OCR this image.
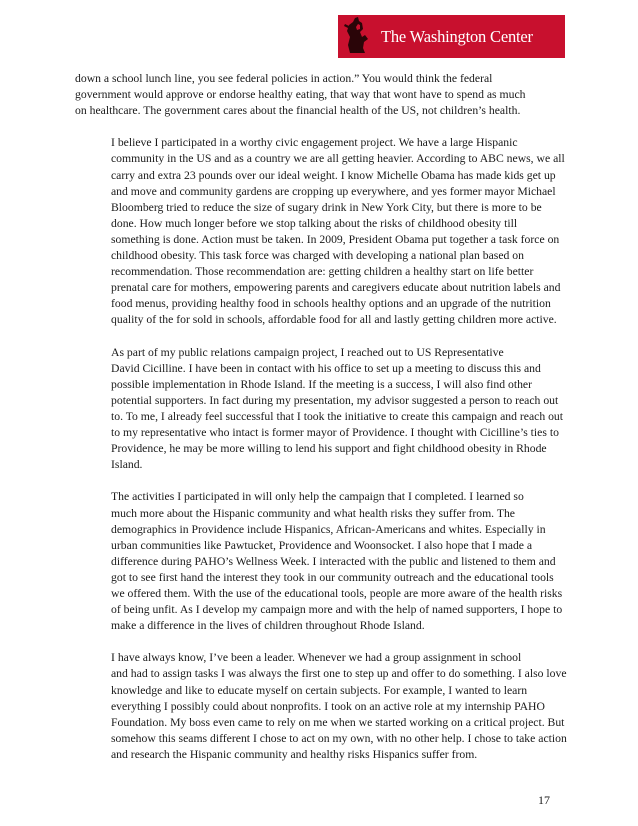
The Washington Center

down a school lunch line, you see federal policies in action.” You would think the federal
government would approve or endorse healthy eating, that way that wont have to spend as much
on healthcare. The government cares about the financial health of the US, not children’s health.

I believe I participated in a worthy civic engagement project. We have a large Hispanic
community in the US and as a country we are all getting heavier. According to ABC news, we all
carry and extra 23 pounds over our ideal weight. I know Michelle Obama has made kids get up
and move and community gardens are cropping up everywhere, and yes former mayor Michael
Bloomberg tried to reduce the size of sugary drink in New York City, but there is more to be
done. How much longer before we stop talking about the risks of childhood obesity till
something is done. Action must be taken. In 2009, President Obama put together a task force on
childhood obesity. This task force was charged with developing a national plan based on
recommendation. Those recommendation are: getting children a healthy start on life better
prenatal care for mothers, empowering parents and caregivers educate about nutrition labels and
food menus, providing healthy food in schools healthy options and an upgrade of the nutrition
quality of the for sold in schools, affordable food for all and lastly getting children more active.

As part of my public relations campaign project, I reached out to US Representative
David Cicilline. I have been in contact with his office to set up a meeting to discuss this and
possible implementation in Rhode Island. If the meeting is a success, I will also find other
potential supporters. In fact during my presentation, my advisor suggested a person to reach out
to. To me, I already feel successful that I took the initiative to create this campaign and reach out
to my representative who intact is former mayor of Providence. I thought with Cicilline’s ties to
Providence, he may be more willing to lend his support and fight childhood obesity in Rhode
Island.

The activities I participated in will only help the campaign that I completed. I learned so
much more about the Hispanic community and what health risks they suffer from. The
demographics in Providence include Hispanics, African-Americans and whites. Especially in
urban communities like Pawtucket, Providence and Woonsocket. I also hope that I made a
difference during PAHO’s Wellness Week. I interacted with the public and listened to them and
got to see first hand the interest they took in our community outreach and the educational tools
we offered them. With the use of the educational tools, people are more aware of the health risks
of being unfit. As I develop my campaign more and with the help of named supporters, I hope to
make a difference in the lives of children throughout Rhode Island.

I have always know, I’ve been a leader. Whenever we had a group assignment in school
and had to assign tasks I was always the first one to step up and offer to do something. I also love
knowledge and like to educate myself on certain subjects. For example, I wanted to learn
everything I possibly could about nonprofits. I took on an active role at my internship PAHO
Foundation. My boss even came to rely on me when we started working on a critical project. But
somehow this seams different I chose to act on my own, with no other help. I chose to take action
and research the Hispanic community and healthy risks Hispanics suffer from.

17
